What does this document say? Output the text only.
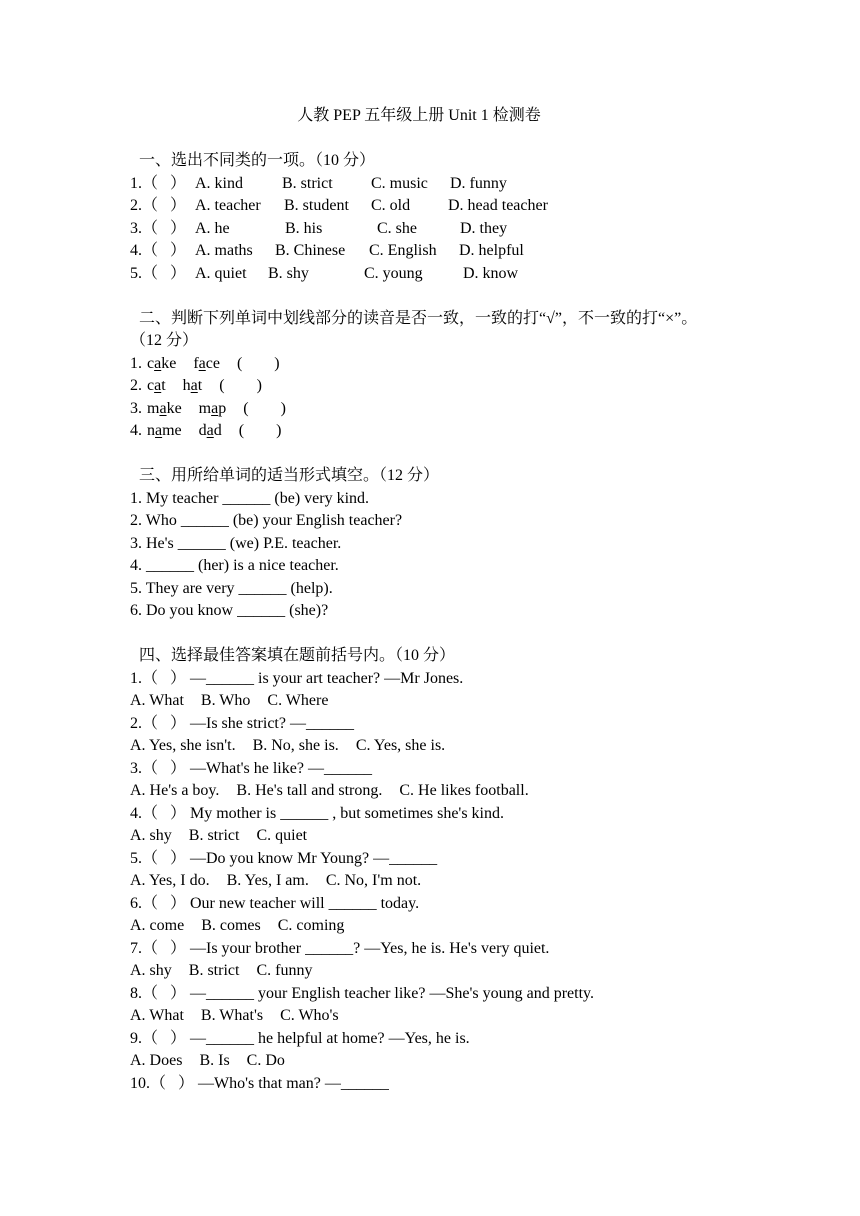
人教 PEP 五年级上册 Unit 1 检测卷
一、选出不同类的一项。（10 分）
1.（   ） A. kind B. strict C. music D. funny
2.（   ） A. teacher B. student C. old D. head teacher
3.（   ） A. he	B. his	C. she	D. they
4.（   ） A. maths B. Chinese C. English D. helpful
5.（   ） A. quiet B. shy	C. young	D. know
二、判断下列单词中划线部分的读音是否一致，一致的打“√”，不一致的打“×”。
（12 分）
1. cake face (        )
2. cat hat (        )
3. make map (        )
4. name dad (        )
三、用所给单词的适当形式填空。（12 分）
1. My teacher ______ (be) very kind.
2. Who ______ (be) your English teacher?
3. He's ______ (we) P.E. teacher.
4. ______ (her) is a nice teacher.
5. They are very ______ (help).
6. Do you know ______ (she)?
四、选择最佳答案填在题前括号内。（10 分）
1.（   ） —______ is your art teacher? —Mr Jones.
A. What B. Who C. Where
2.（   ） —Is she strict? —______
A. Yes, she isn't. B. No, she is. C. Yes, she is.
3.（   ） —What's he like? —______
A. He's a boy. B. He's tall and strong. C. He likes football.
4.（   ） My mother is ______ , but sometimes she's kind.
A. shy B. strict C. quiet
5.（   ） —Do you know Mr Young? —______
A. Yes, I do. B. Yes, I am. C. No, I'm not.
6.（   ） Our new teacher will ______ today.
A. come B. comes C. coming
7.（   ） —Is your brother ______? —Yes, he is. He's very quiet.
A. shy B. strict C. funny
8.（   ） —______ your English teacher like? —She's young and pretty.
A. What B. What's C. Who's
9.（   ） —______ he helpful at home? —Yes, he is.
A. Does B. Is C. Do
10.（   ） —Who's that man? —______
